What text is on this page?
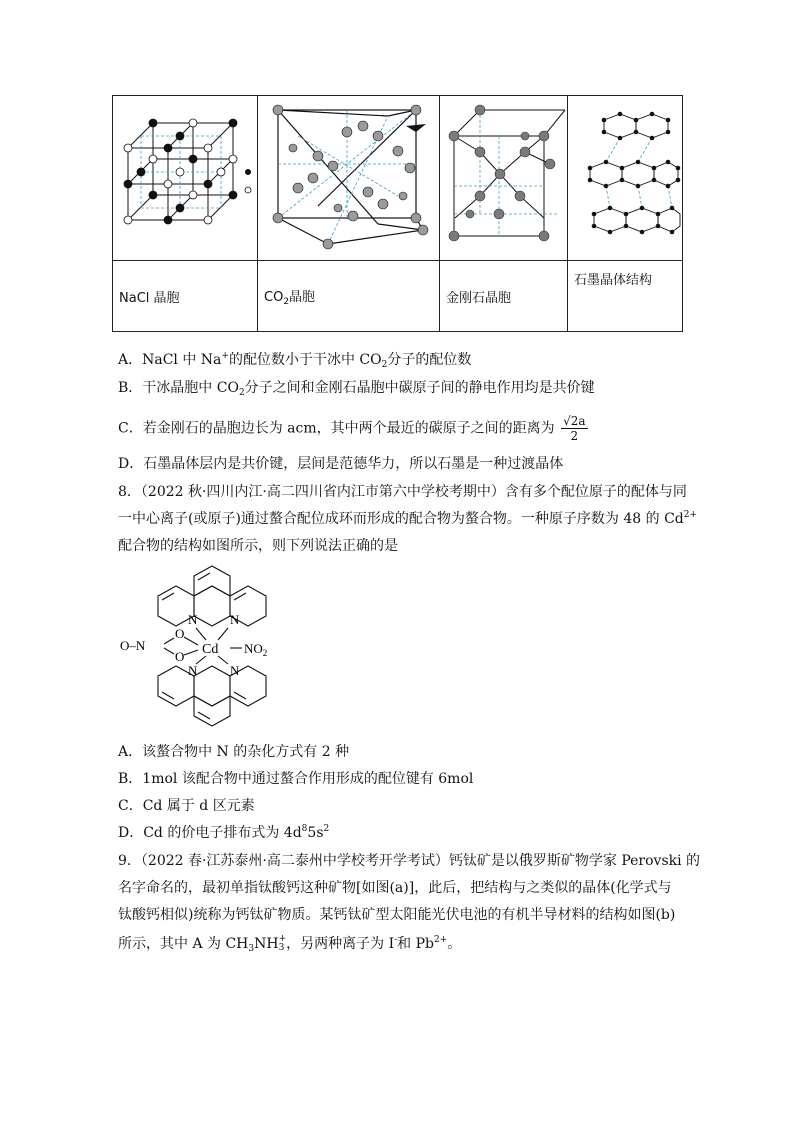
NaCl 晶胞	$CO_2$晶胞	金刚石晶胞	石墨晶体结构
A．NaCl 中 Na+的配位数小于干冰中 $CO_2$分子的配位数
B．干冰晶胞中 $CO_2$分子之间和金刚石晶胞中碳原子间的静电作用均是共价键
C．若金刚石的晶胞边长为 acm，其中两个最近的碳原子之间的距离为 $\frac{√2a}{2}$
D．石墨晶体层内是共价键，层间是范德华力，所以石墨是一种过渡晶体
8．（2022 秋·四川内江·高二四川省内江市第六中学校考期中）含有多个配位原子的配体与同
一中心离子(或原子)通过螯合配位成环而形成的配合物为螯合物。一种原子序数为 48 的 $Cd^{2+}$
配合物的结构如图所示，则下列说法正确的是
N	N
N	N
Cd
O
O
O–N	$NO_2$
A．该螯合物中 N 的杂化方式有 2 种
B．1mol 该配合物中通过螯合作用形成的配位键有 6mol
C．Cd 属于 d 区元素
D．Cd 的价电子排布式为 $4d^85s^2$
9．（2022 春·江苏泰州·高二泰州中学校考开学考试）钙钛矿是以俄罗斯矿物学家 Perovski 的
名字命名的，最初单指钛酸钙这种矿物[如图(a)]，此后，把结构与之类似的晶体(化学式与
钛酸钙相似)统称为钙钛矿物质。某钙钛矿型太阳能光伏电池的有机半导材料的结构如图(b)
所示，其中 A 为 $CH_3NH$ +
3 ，另两种离子为 I-和 $Pb^{2+}$。
